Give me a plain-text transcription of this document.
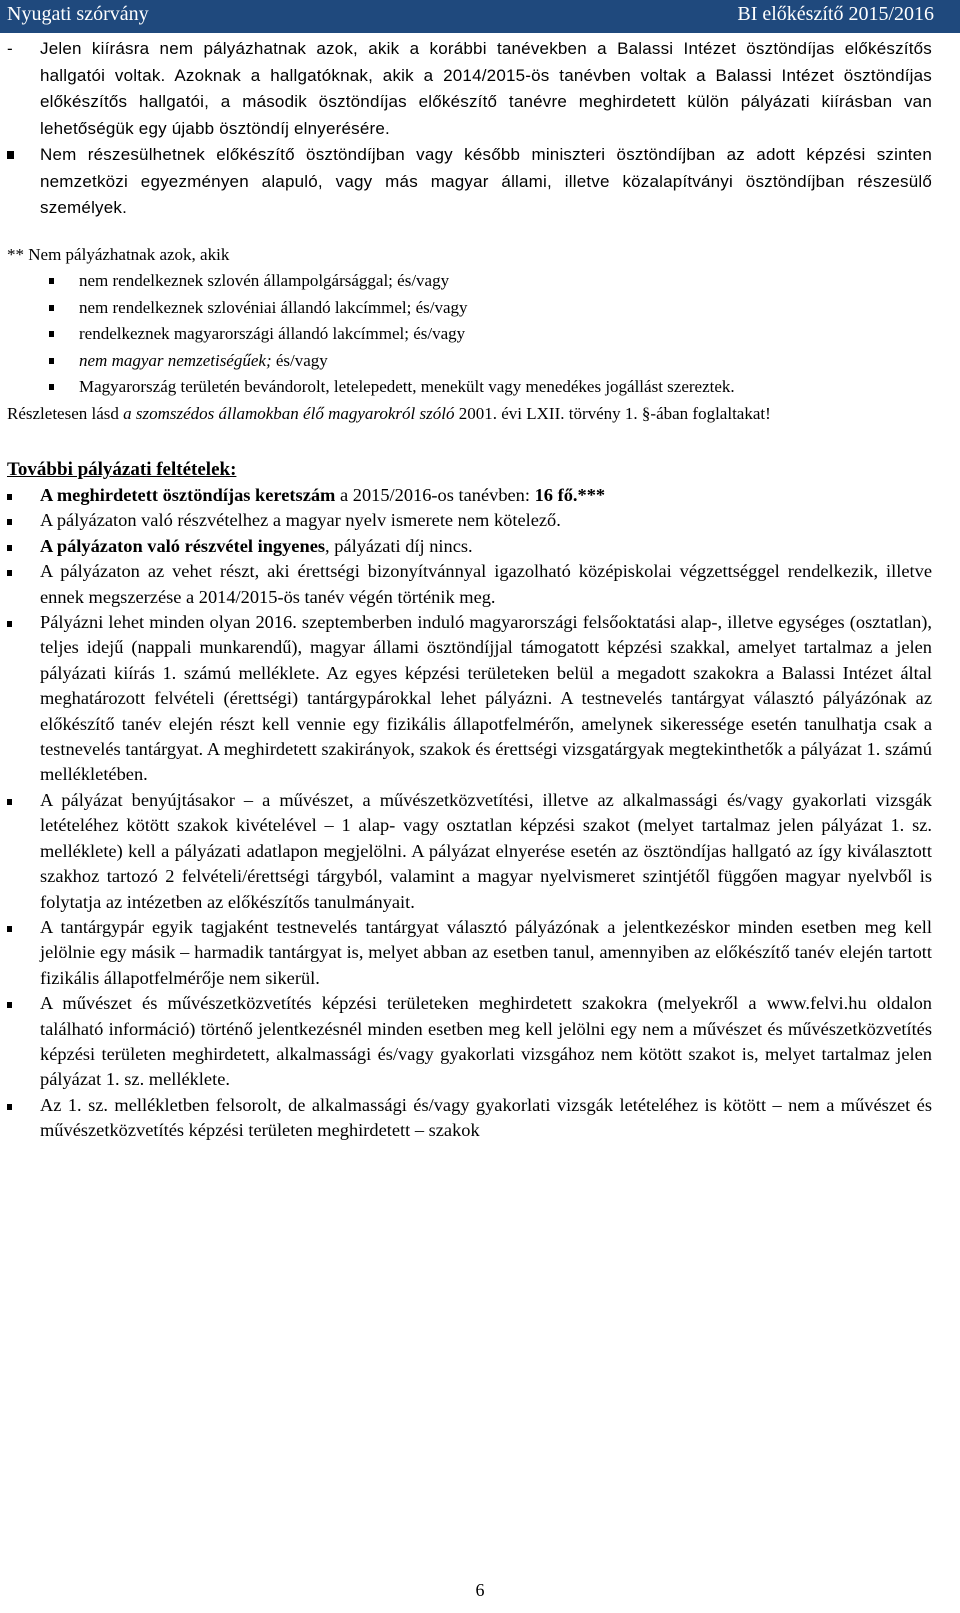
Nyugati szórvány	BI előkészítő 2015/2016
- Jelen kiírásra nem pályázhatnak azok, akik a korábbi tanévekben a Balassi Intézet ösztöndíjas előkészítős hallgatói voltak. Azoknak a hallgatóknak, akik a 2014/2015-ös tanévben voltak a Balassi Intézet ösztöndíjas előkészítős hallgatói, a második ösztöndíjas előkészítő tanévre meghirdetett külön pályázati kiírásban van lehetőségük egy újabb ösztöndíj elnyerésére.
Nem részesülhetnek előkészítő ösztöndíjban vagy később miniszteri ösztöndíjban az adott képzési szinten nemzetközi egyezményen alapuló, vagy más magyar állami, illetve közalapítványi ösztöndíjban részesülő személyek.

** Nem pályázhatnak azok, akik

nem rendelkeznek szlovén állampolgársággal; és/vagy
nem rendelkeznek szlovéniai állandó lakcímmel; és/vagy
rendelkeznek magyarországi állandó lakcímmel; és/vagy
nem magyar nemzetiségűek; és/vagy
Magyarország területén bevándorolt, letelepedett, menekült vagy menedékes jogállást szereztek.

Részletesen lásd a szomszédos államokban élő magyarokról szóló 2001. évi LXII. törvény 1. §-ában foglaltakat!

További pályázati feltételek:

A meghirdetett ösztöndíjas keretszám a 2015/2016-os tanévben: 16 fő.***
A pályázaton való részvételhez a magyar nyelv ismerete nem kötelező.
A pályázaton való részvétel ingyenes, pályázati díj nincs.
A pályázaton az vehet részt, aki érettségi bizonyítvánnyal igazolható középiskolai végzettséggel rendelkezik, illetve ennek megszerzése a 2014/2015-ös tanév végén történik meg.
Pályázni lehet minden olyan 2016. szeptemberben induló magyarországi felsőoktatási alap-, illetve egységes (osztatlan), teljes idejű (nappali munkarendű), magyar állami ösztöndíjjal támogatott képzési szakkal, amelyet tartalmaz a jelen pályázati kiírás 1. számú melléklete. Az egyes képzési területeken belül a megadott szakokra a Balassi Intézet által meghatározott felvételi (érettségi) tantárgypárokkal lehet pályázni. A testnevelés tantárgyat választó pályázónak az előkészítő tanév elején részt kell vennie egy fizikális állapotfelmérőn, amelynek sikeressége esetén tanulhatja csak a testnevelés tantárgyat. A meghirdetett szakirányok, szakok és érettségi vizsgatárgyak megtekinthetők a pályázat 1. számú mellékletében.
A pályázat benyújtásakor – a művészet, a művészetközvetítési, illetve az alkalmassági és/vagy gyakorlati vizsgák letételéhez kötött szakok kivételével – 1 alap- vagy osztatlan képzési szakot (melyet tartalmaz jelen pályázat 1. sz. melléklete) kell a pályázati adatlapon megjelölni. A pályázat elnyerése esetén az ösztöndíjas hallgató az így kiválasztott szakhoz tartozó 2 felvételi/érettségi tárgyból, valamint a magyar nyelvismeret szintjétől függően magyar nyelvből is folytatja az intézetben az előkészítős tanulmányait.
A tantárgypár egyik tagjaként testnevelés tantárgyat választó pályázónak a jelentkezéskor minden esetben meg kell jelölnie egy másik – harmadik tantárgyat is, melyet abban az esetben tanul, amennyiben az előkészítő tanév elején tartott fizikális állapotfelmérője nem sikerül.
A művészet és művészetközvetítés képzési területeken meghirdetett szakokra (melyekről a www.felvi.hu oldalon található információ) történő jelentkezésnél minden esetben meg kell jelölni egy nem a művészet és művészetközvetítés képzési területen meghirdetett, alkalmassági és/vagy gyakorlati vizsgához nem kötött szakot is, melyet tartalmaz jelen pályázat 1. sz. melléklete.
Az 1. sz. mellékletben felsorolt, de alkalmassági és/vagy gyakorlati vizsgák letételéhez is kötött – nem a művészet és művészetközvetítés képzési területen meghirdetett – szakok
6
